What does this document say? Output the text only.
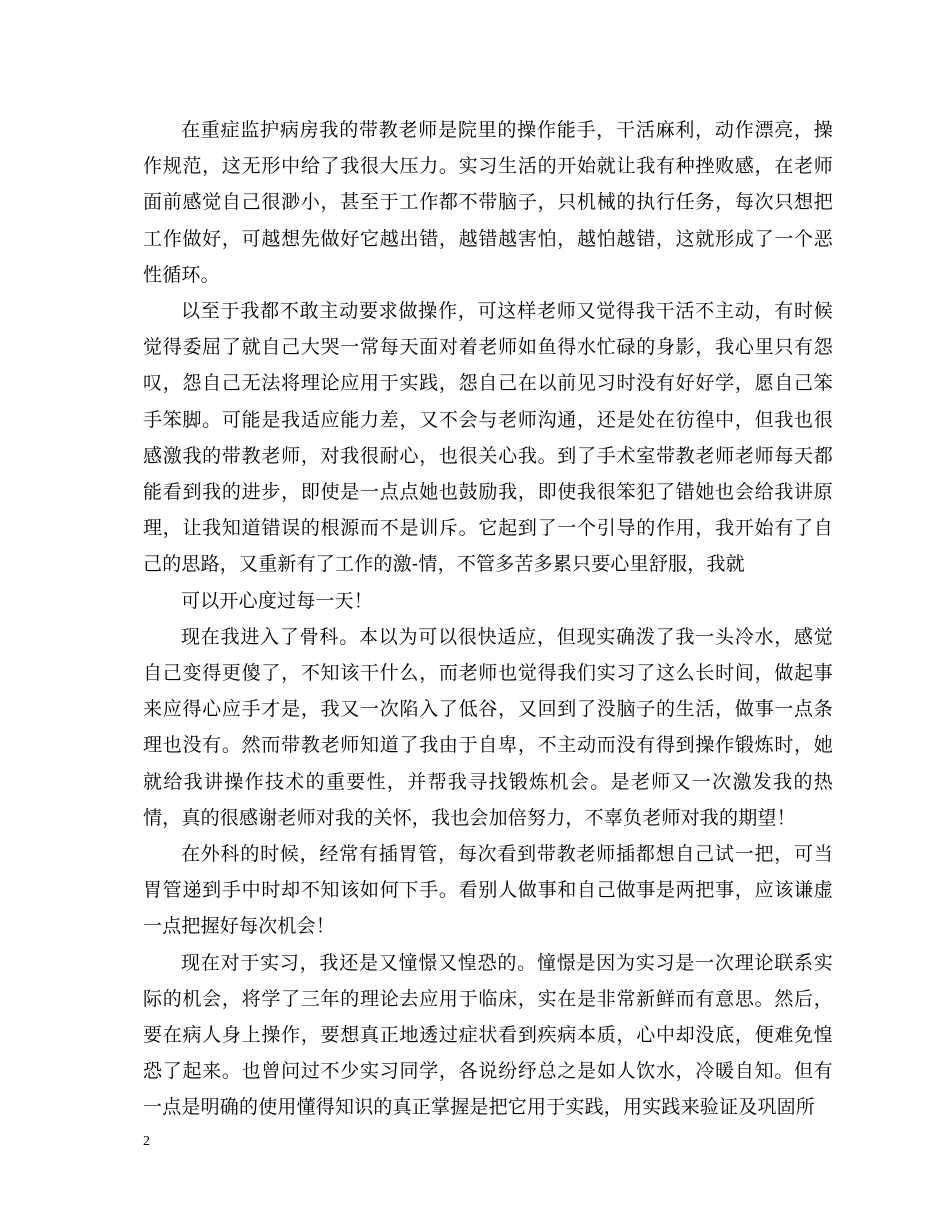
在重症监护病房我的带教老师是院里的操作能手，干活麻利，动作漂亮，操作规范，这无形中给了我很大压力。实习生活的开始就让我有种挫败感，在老师面前感觉自己很渺小，甚至于工作都不带脑子，只机械的执行任务，每次只想把工作做好，可越想先做好它越出错，越错越害怕，越怕越错，这就形成了一个恶性循环。

以至于我都不敢主动要求做操作，可这样老师又觉得我干活不主动，有时候觉得委屈了就自己大哭一常每天面对着老师如鱼得水忙碌的身影，我心里只有怨叹，怨自己无法将理论应用于实践，怨自己在以前见习时没有好好学，愿自己笨手笨脚。可能是我适应能力差，又不会与老师沟通，还是处在彷徨中，但我也很感激我的带教老师，对我很耐心，也很关心我。到了手术室带教老师老师每天都能看到我的进步，即使是一点点她也鼓励我，即使我很笨犯了错她也会给我讲原理，让我知道错误的根源而不是训斥。它起到了一个引导的作用，我开始有了自己的思路，又重新有了工作的激-情，不管多苦多累只要心里舒服，我就

可以开心度过每一天！

现在我进入了骨科。本以为可以很快适应，但现实确泼了我一头冷水，感觉自己变得更傻了，不知该干什么，而老师也觉得我们实习了这么长时间，做起事来应得心应手才是，我又一次陷入了低谷，又回到了没脑子的生活，做事一点条理也没有。然而带教老师知道了我由于自卑，不主动而没有得到操作锻炼时，她就给我讲操作技术的重要性，并帮我寻找锻炼机会。是老师又一次激发我的热情，真的很感谢老师对我的关怀，我也会加倍努力，不辜负老师对我的期望！

在外科的时候，经常有插胃管，每次看到带教老师插都想自己试一把，可当胃管递到手中时却不知该如何下手。看别人做事和自己做事是两把事，应该谦虚一点把握好每次机会！

现在对于实习，我还是又憧憬又惶恐的。憧憬是因为实习是一次理论联系实际的机会，将学了三年的理论去应用于临床，实在是非常新鲜而有意思。然后，要在病人身上操作，要想真正地透过症状看到疾病本质，心中却没底，便难免惶恐了起来。也曾问过不少实习同学，各说纷纾总之是如人饮水，冷暖自知。但有一点是明确的使用懂得知识的真正掌握是把它用于实践，用实践来验证及巩固所

2
